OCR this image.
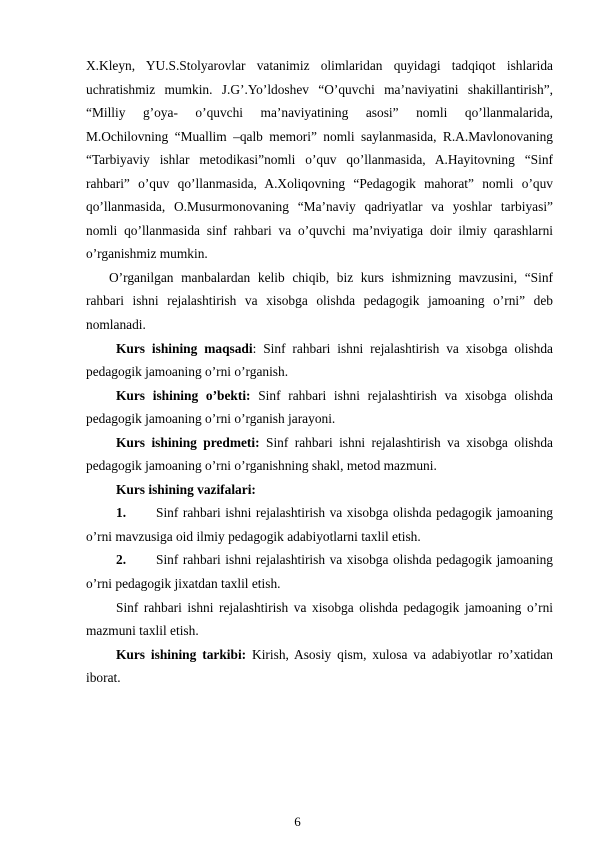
X.Kleyn, YU.S.Stolyarovlar vatanimiz olimlaridan quyidagi tadqiqot ishlarida uchratishmiz mumkin. J.G’.Yo’ldoshev “O’quvchi ma’naviyatini shakillantirish”, “Milliy g’oya- o’quvchi ma’naviyatining asosi” nomli qo’llanmalarida, M.Ochilovning “Muallim –qalb memori” nomli saylanmasida, R.A.Mavlonovaning “Tarbiyaviy ishlar metodikasi”nomli o’quv qo’llanmasida, A.Hayitovning “Sinf rahbari” o’quv qo’llanmasida, A.Xoliqovning “Pedagogik mahorat” nomli o’quv qo’llanmasida, O.Musurmonovaning “Ma’naviy qadriyatlar va yoshlar tarbiyasi” nomli qo’llanmasida sinf rahbari va o’quvchi ma’nviyatiga doir ilmiy qarashlarni o’rganishmiz mumkin.

O’rganilgan manbalardan kelib chiqib, biz kurs ishmizning mavzusini, “Sinf rahbari ishni rejalashtirish va xisobga olishda pedagogik jamoaning o’rni” deb nomlanadi.

Kurs ishining maqsadi: Sinf rahbari ishni rejalashtirish va xisobga olishda pedagogik jamoaning o’rni o’rganish.

Kurs ishining o’bekti: Sinf rahbari ishni rejalashtirish va xisobga olishda pedagogik jamoaning o’rni o’rganish jarayoni.

Kurs ishining predmeti: Sinf rahbari ishni rejalashtirish va xisobga olishda pedagogik jamoaning o’rni o’rganishning shakl, metod mazmuni.

Kurs ishining vazifalari:

1. Sinf rahbari ishni rejalashtirish va xisobga olishda pedagogik jamoaning o’rni mavzusiga oid ilmiy pedagogik adabiyotlarni taxlil etish.

2. Sinf rahbari ishni rejalashtirish va xisobga olishda pedagogik jamoaning o’rni pedagogik jixatdan taxlil etish.

Sinf rahbari ishni rejalashtirish va xisobga olishda pedagogik jamoaning o’rni mazmuni taxlil etish.

Kurs ishining tarkibi: Kirish, Asosiy qism, xulosa va adabiyotlar ro’xatidan iborat.

6
